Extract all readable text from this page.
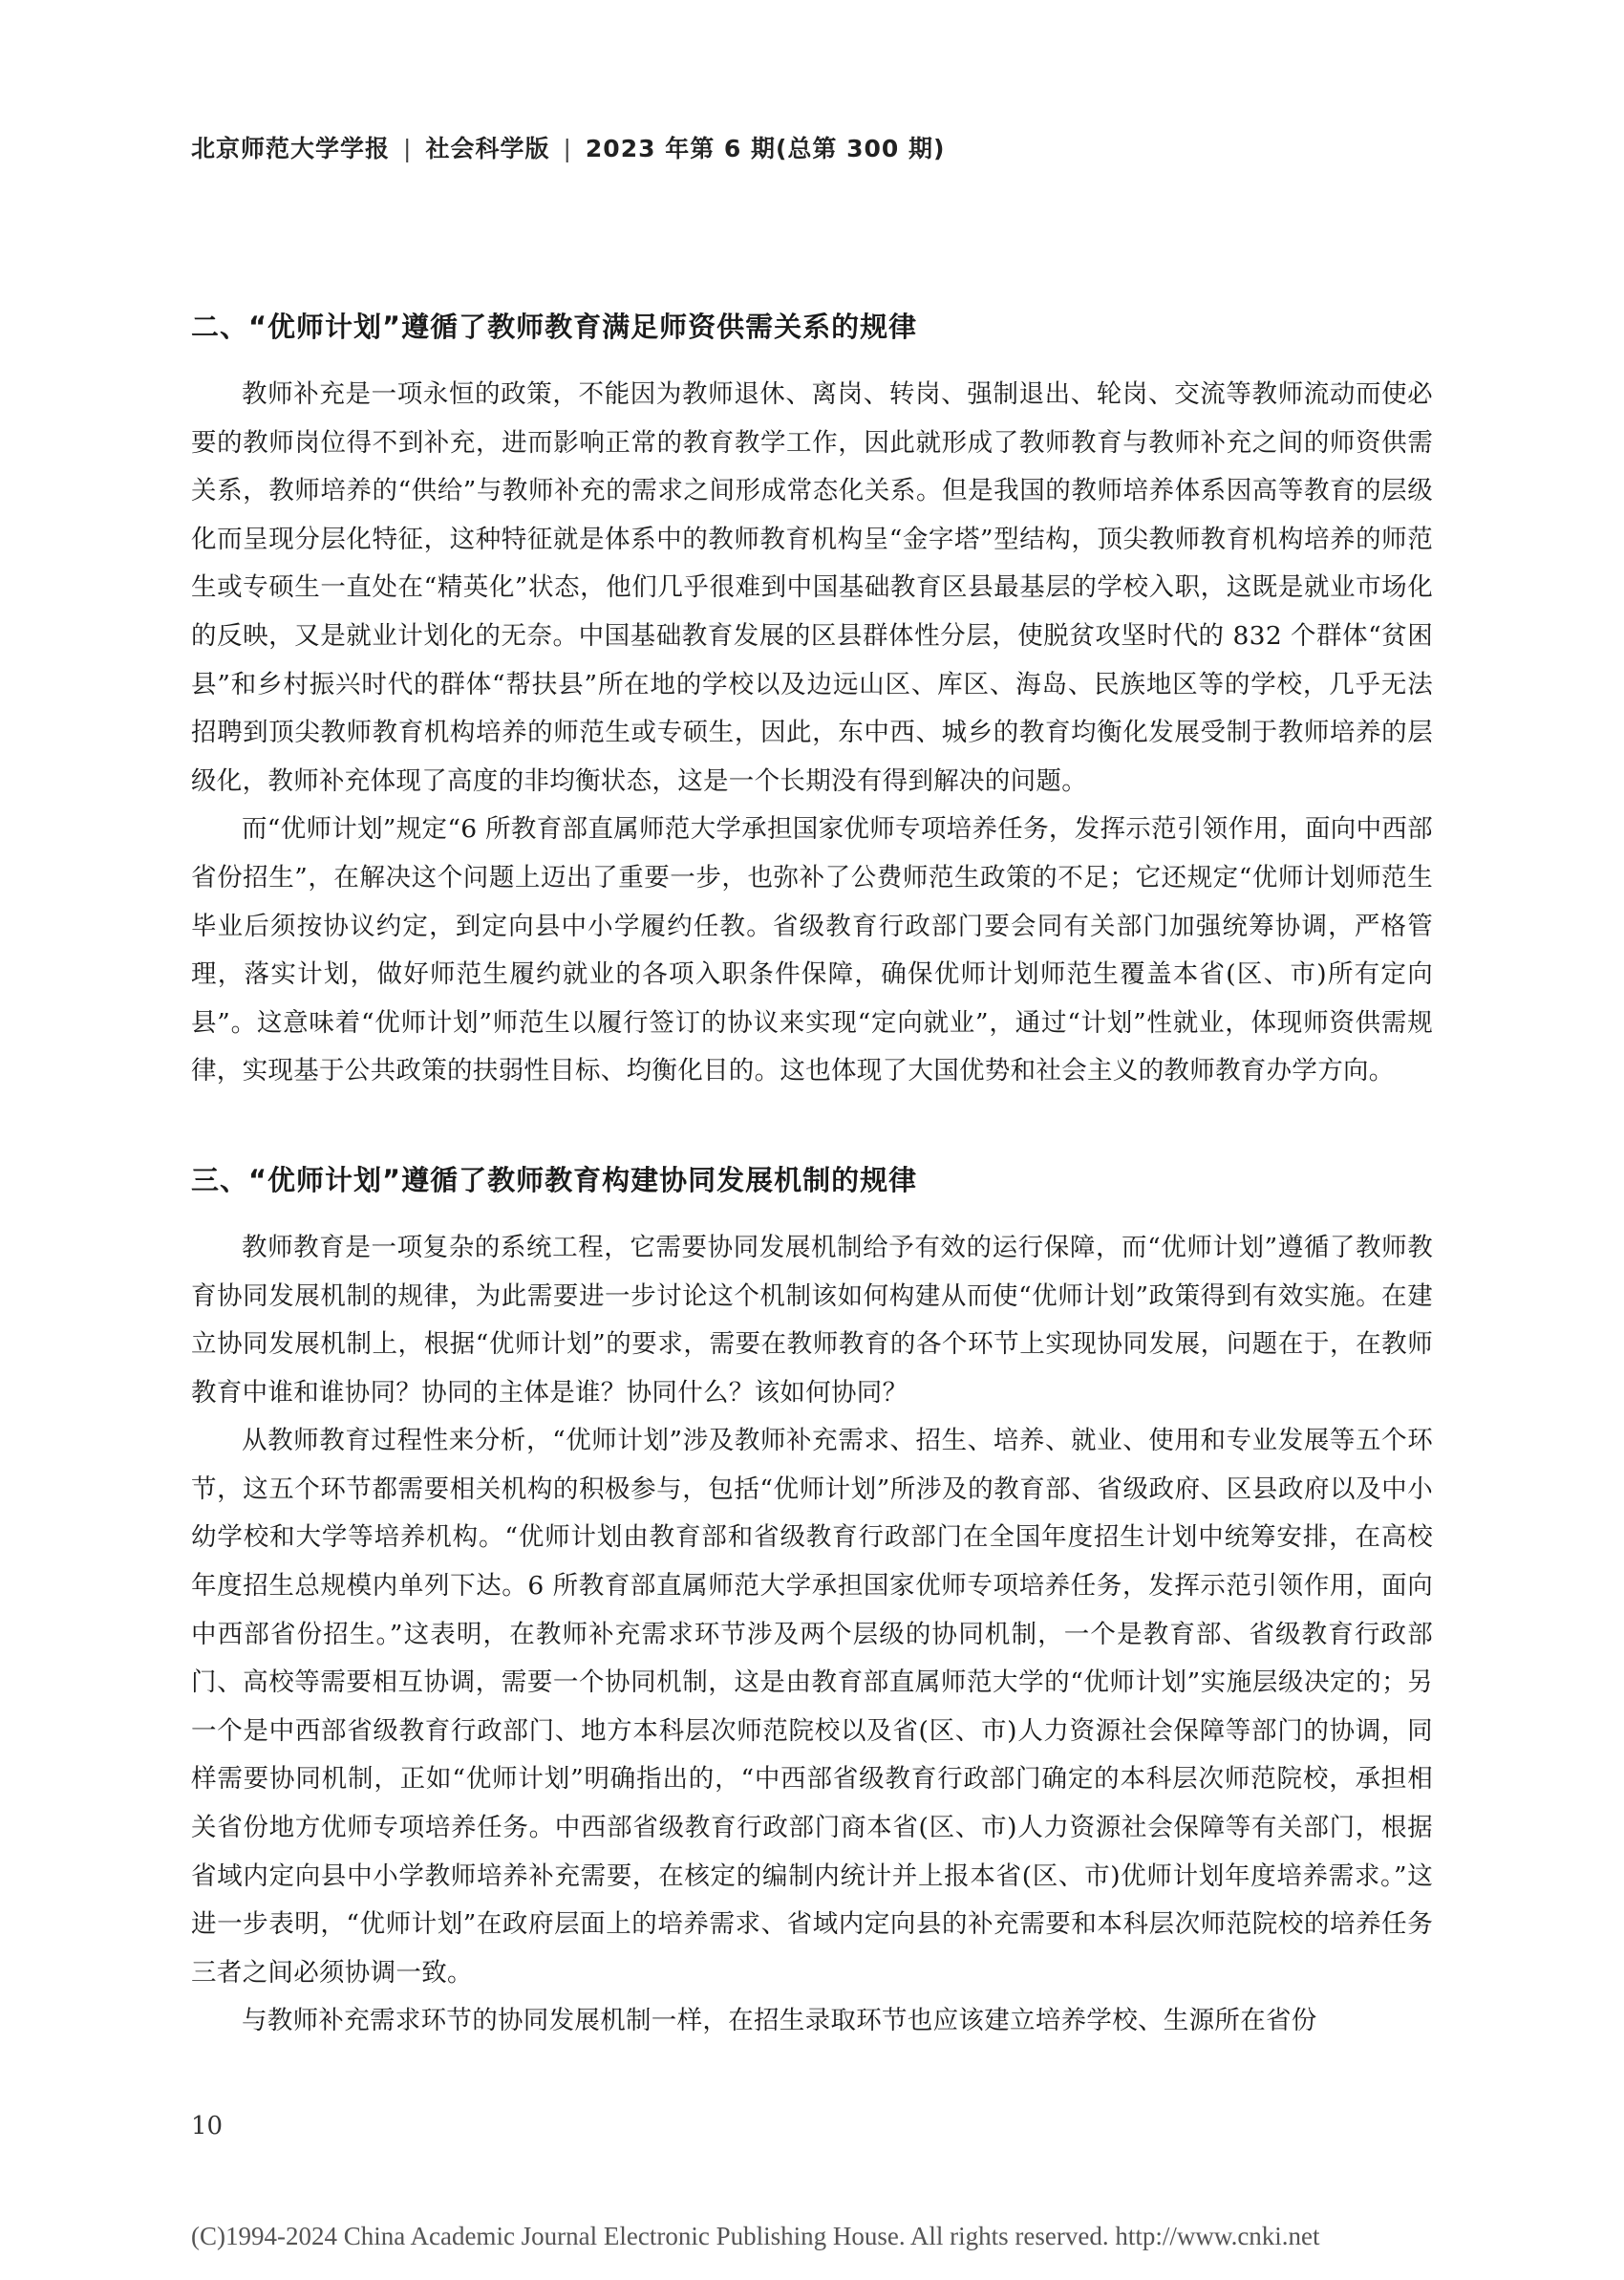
北京师范大学学报 | 社会科学版 | 2023 年第 6 期(总第 300 期)
二、“优师计划”遵循了教师教育满足师资供需关系的规律

教师补充是一项永恒的政策，不能因为教师退休、离岗、转岗、强制退出、轮岗、交流等教师流动而使必要的教师岗位得不到补充，进而影响正常的教育教学工作，因此就形成了教师教育与教师补充之间的师资供需关系，教师培养的“供给”与教师补充的需求之间形成常态化关系。但是我国的教师培养体系因高等教育的层级化而呈现分层化特征，这种特征就是体系中的教师教育机构呈“金字塔”型结构，顶尖教师教育机构培养的师范生或专硕生一直处在“精英化”状态，他们几乎很难到中国基础教育区县最基层的学校入职，这既是就业市场化的反映，又是就业计划化的无奈。中国基础教育发展的区县群体性分层，使脱贫攻坚时代的 832 个群体“贫困县”和乡村振兴时代的群体“帮扶县”所在地的学校以及边远山区、库区、海岛、民族地区等的学校，几乎无法招聘到顶尖教师教育机构培养的师范生或专硕生，因此，东中西、城乡的教育均衡化发展受制于教师培养的层级化，教师补充体现了高度的非均衡状态，这是一个长期没有得到解决的问题。

而“优师计划”规定“6 所教育部直属师范大学承担国家优师专项培养任务，发挥示范引领作用，面向中西部省份招生”，在解决这个问题上迈出了重要一步，也弥补了公费师范生政策的不足；它还规定“优师计划师范生毕业后须按协议约定，到定向县中小学履约任教。省级教育行政部门要会同有关部门加强统筹协调，严格管理，落实计划，做好师范生履约就业的各项入职条件保障，确保优师计划师范生覆盖本省(区、市)所有定向县”。这意味着“优师计划”师范生以履行签订的协议来实现“定向就业”，通过“计划”性就业，体现师资供需规律，实现基于公共政策的扶弱性目标、均衡化目的。这也体现了大国优势和社会主义的教师教育办学方向。

三、“优师计划”遵循了教师教育构建协同发展机制的规律

教师教育是一项复杂的系统工程，它需要协同发展机制给予有效的运行保障，而“优师计划”遵循了教师教育协同发展机制的规律，为此需要进一步讨论这个机制该如何构建从而使“优师计划”政策得到有效实施。在建立协同发展机制上，根据“优师计划”的要求，需要在教师教育的各个环节上实现协同发展，问题在于，在教师教育中谁和谁协同？协同的主体是谁？协同什么？该如何协同？

从教师教育过程性来分析，“优师计划”涉及教师补充需求、招生、培养、就业、使用和专业发展等五个环节，这五个环节都需要相关机构的积极参与，包括“优师计划”所涉及的教育部、省级政府、区县政府以及中小幼学校和大学等培养机构。“优师计划由教育部和省级教育行政部门在全国年度招生计划中统筹安排，在高校年度招生总规模内单列下达。6 所教育部直属师范大学承担国家优师专项培养任务，发挥示范引领作用，面向中西部省份招生。”这表明，在教师补充需求环节涉及两个层级的协同机制，一个是教育部、省级教育行政部门、高校等需要相互协调，需要一个协同机制，这是由教育部直属师范大学的“优师计划”实施层级决定的；另一个是中西部省级教育行政部门、地方本科层次师范院校以及省(区、市)人力资源社会保障等部门的协调，同样需要协同机制，正如“优师计划”明确指出的，“中西部省级教育行政部门确定的本科层次师范院校，承担相关省份地方优师专项培养任务。中西部省级教育行政部门商本省(区、市)人力资源社会保障等有关部门，根据省域内定向县中小学教师培养补充需要，在核定的编制内统计并上报本省(区、市)优师计划年度培养需求。”这进一步表明，“优师计划”在政府层面上的培养需求、省域内定向县的补充需要和本科层次师范院校的培养任务三者之间必须协调一致。

与教师补充需求环节的协同发展机制一样，在招生录取环节也应该建立培养学校、生源所在省份

10
(C)1994-2024 China Academic Journal Electronic Publishing House. All rights reserved. http://www.cnki.net
